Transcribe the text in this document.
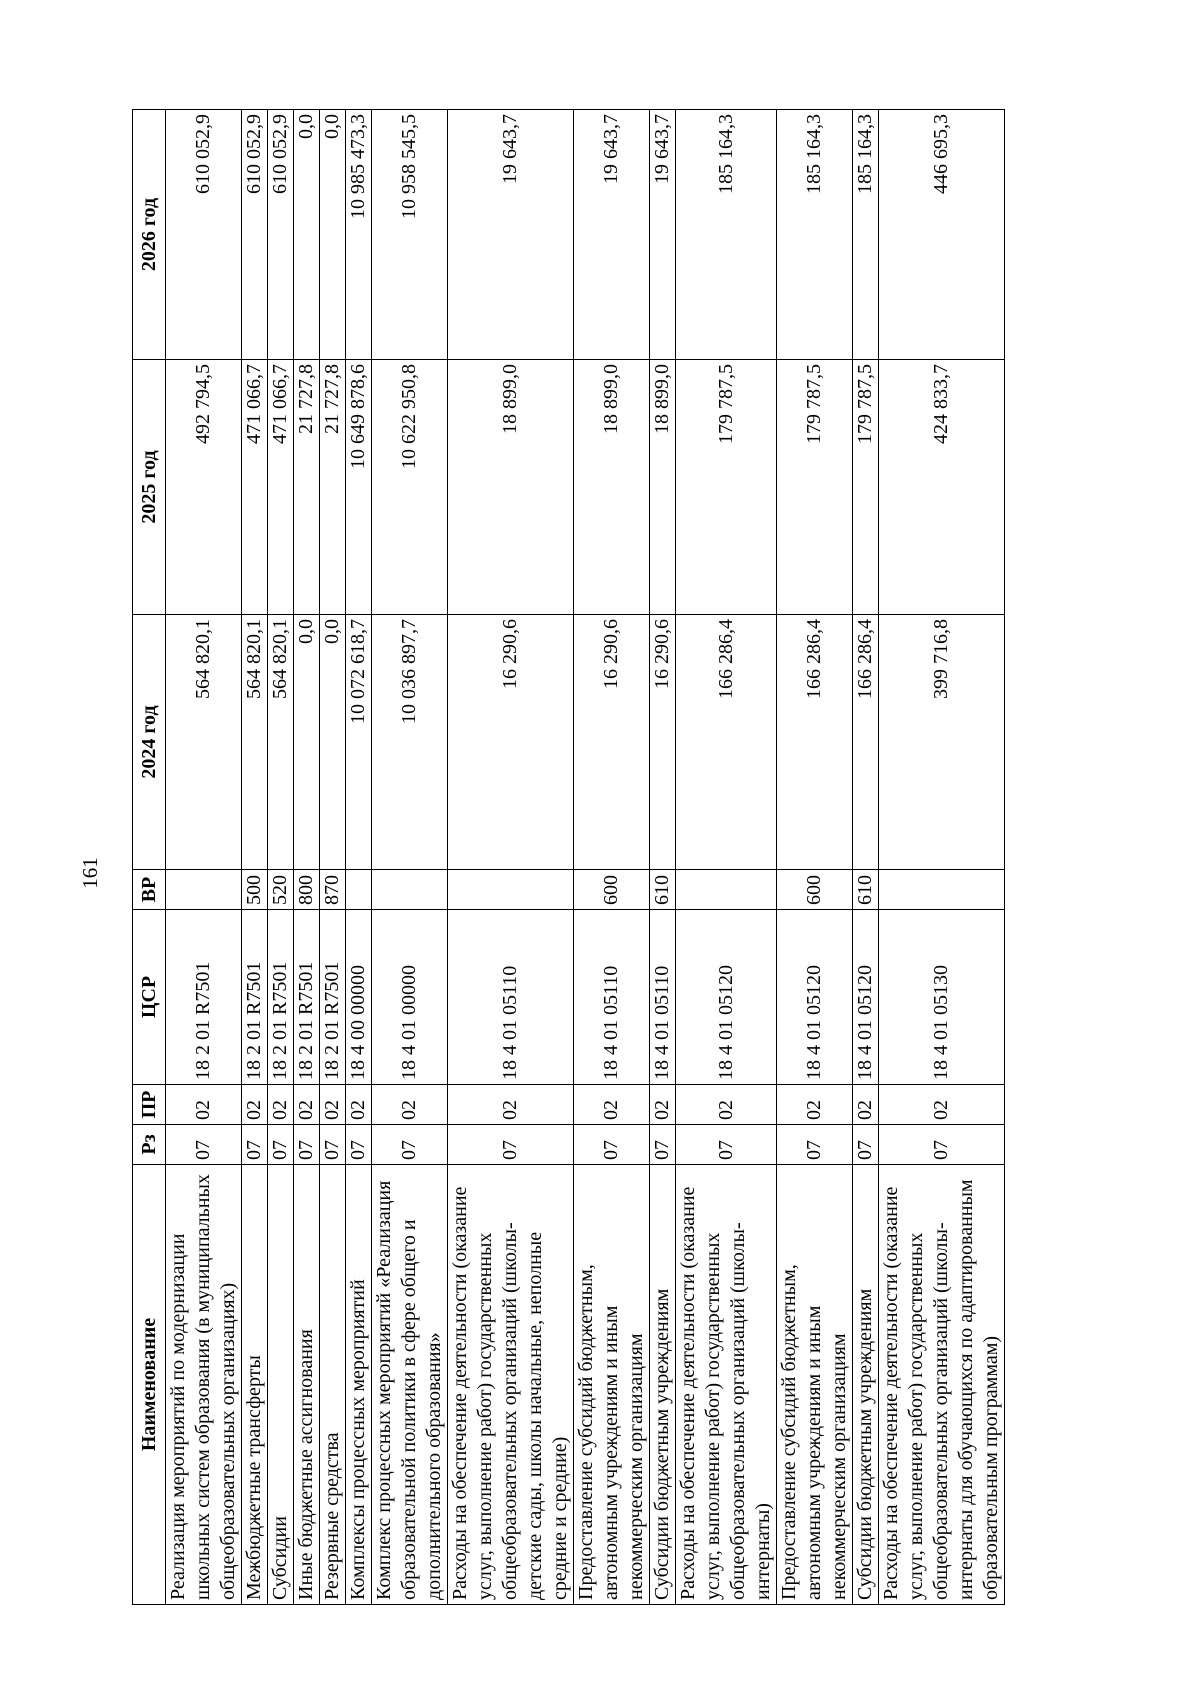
161
Наименование	Рз	ПР	ЦСР	ВР	2024 год	2025 год	2026 год
Реализация мероприятий по модернизации школьных систем образования (в муниципальных общеобразовательных организациях)	07	02	18 2 01 R7501		564 820,1	492 794,5	610 052,9
Межбюджетные трансферты	07	02	18 2 01 R7501	500	564 820,1	471 066,7	610 052,9
Субсидии	07	02	18 2 01 R7501	520	564 820,1	471 066,7	610 052,9
Иные бюджетные ассигнования	07	02	18 2 01 R7501	800	0,0	21 727,8	0,0
Резервные средства	07	02	18 2 01 R7501	870	0,0	21 727,8	0,0
Комплексы процессных мероприятий	07	02	18 4 00 00000		10 072 618,7	10 649 878,6	10 985 473,3
Комплекс процессных мероприятий «Реализация образовательной политики в сфере общего и дополнительного образования»	07	02	18 4 01 00000		10 036 897,7	10 622 950,8	10 958 545,5
Расходы на обеспечение деятельности (оказание услуг, выполнение работ) государственных общеобразовательных организаций (школы-детские сады, школы начальные, неполные средние и средние)	07	02	18 4 01 05110		16 290,6	18 899,0	19 643,7
Предоставление субсидий бюджетным, автономным учреждениям и иным некоммерческим организациям	07	02	18 4 01 05110	600	16 290,6	18 899,0	19 643,7
Субсидии бюджетным учреждениям	07	02	18 4 01 05110	610	16 290,6	18 899,0	19 643,7
Расходы на обеспечение деятельности (оказание услуг, выполнение работ) государственных общеобразовательных организаций (школы-интернаты)	07	02	18 4 01 05120		166 286,4	179 787,5	185 164,3
Предоставление субсидий бюджетным, автономным учреждениям и иным некоммерческим организациям	07	02	18 4 01 05120	600	166 286,4	179 787,5	185 164,3
Субсидии бюджетным учреждениям	07	02	18 4 01 05120	610	166 286,4	179 787,5	185 164,3
Расходы на обеспечение деятельности (оказание услуг, выполнение работ) государственных общеобразовательных организаций (школы-интернаты для обучающихся по адаптированным образовательным программам)	07	02	18 4 01 05130		399 716,8	424 833,7	446 695,3
